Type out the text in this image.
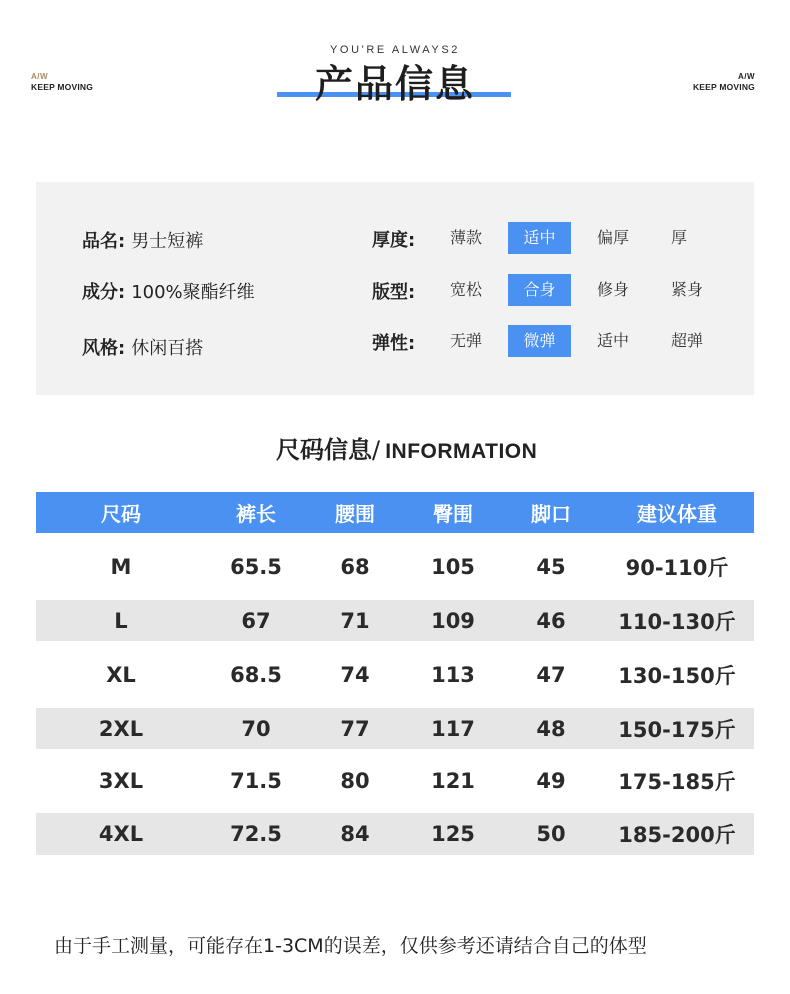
A/W
KEEP MOVING
A/W
KEEP MOVING
YOU'RE ALWAYS2
产品信息
品名: 男士短裤
成分: 100%聚酯纤维
风格: 休闲百搭
厚度:	薄款	适中	偏厚	厚
版型:	宽松	合身	修身	紧身
弹性:	无弹	微弹	适中	超弹
尺码信息/ INFORMATION
尺码	裤长	腰围	臀围	脚口	建议体重
M	65.5	68	105	45	90-110斤
L	67	71	109	46	110-130斤
XL	68.5	74	113	47	130-150斤
2XL	70	77	117	48	150-175斤
3XL	71.5	80	121	49	175-185斤
4XL	72.5	84	125	50	185-200斤
由于手工测量，可能存在1-3CM的误差，仅供参考还请结合自己的体型
